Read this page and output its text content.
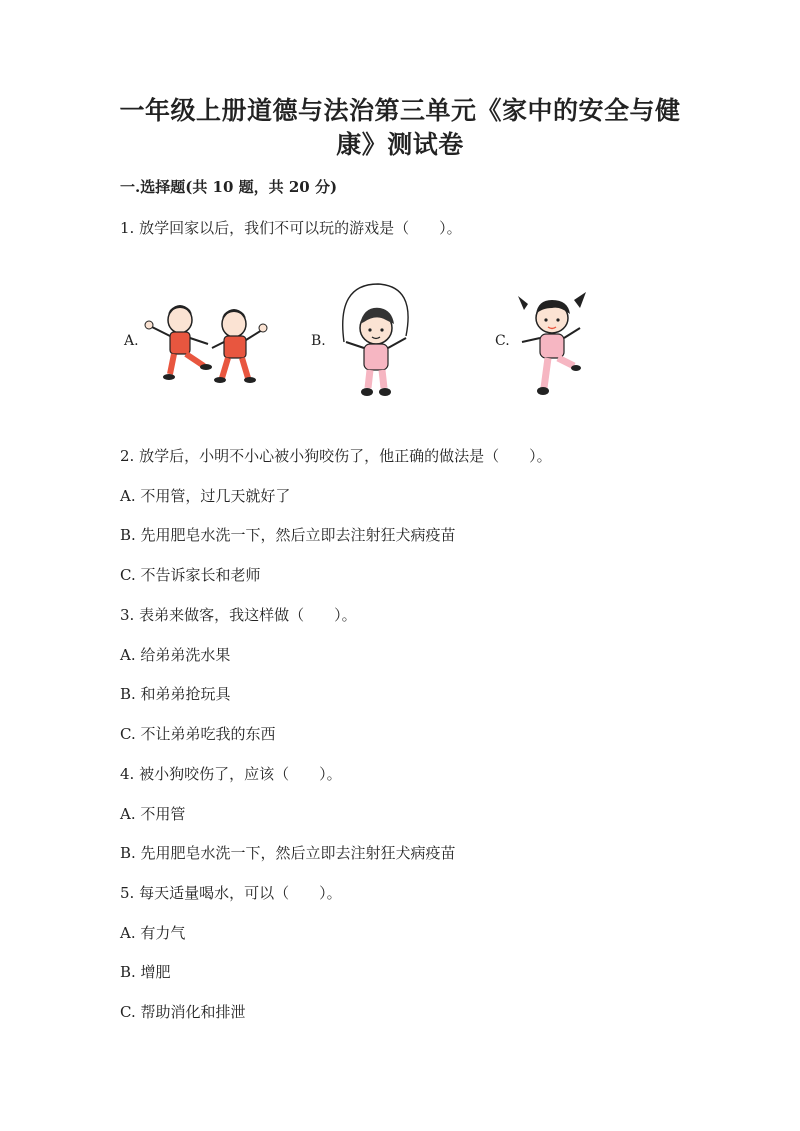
一年级上册道德与法治第三单元《家中的安全与健
康》测试卷
一.选择题(共 10 题，共 20 分)
1. 放学回家以后，我们不可以玩的游戏是（　　）。
A.	B.	C.
2. 放学后，小明不小心被小狗咬伤了，他正确的做法是（　　）。
A. 不用管，过几天就好了
B. 先用肥皂水洗一下，然后立即去注射狂犬病疫苗
C. 不告诉家长和老师
3. 表弟来做客，我这样做（　　）。
A. 给弟弟洗水果
B. 和弟弟抢玩具
C. 不让弟弟吃我的东西
4. 被小狗咬伤了，应该（　　）。
A. 不用管
B. 先用肥皂水洗一下，然后立即去注射狂犬病疫苗
5. 每天适量喝水，可以（　　）。
A. 有力气
B. 增肥
C. 帮助消化和排泄
